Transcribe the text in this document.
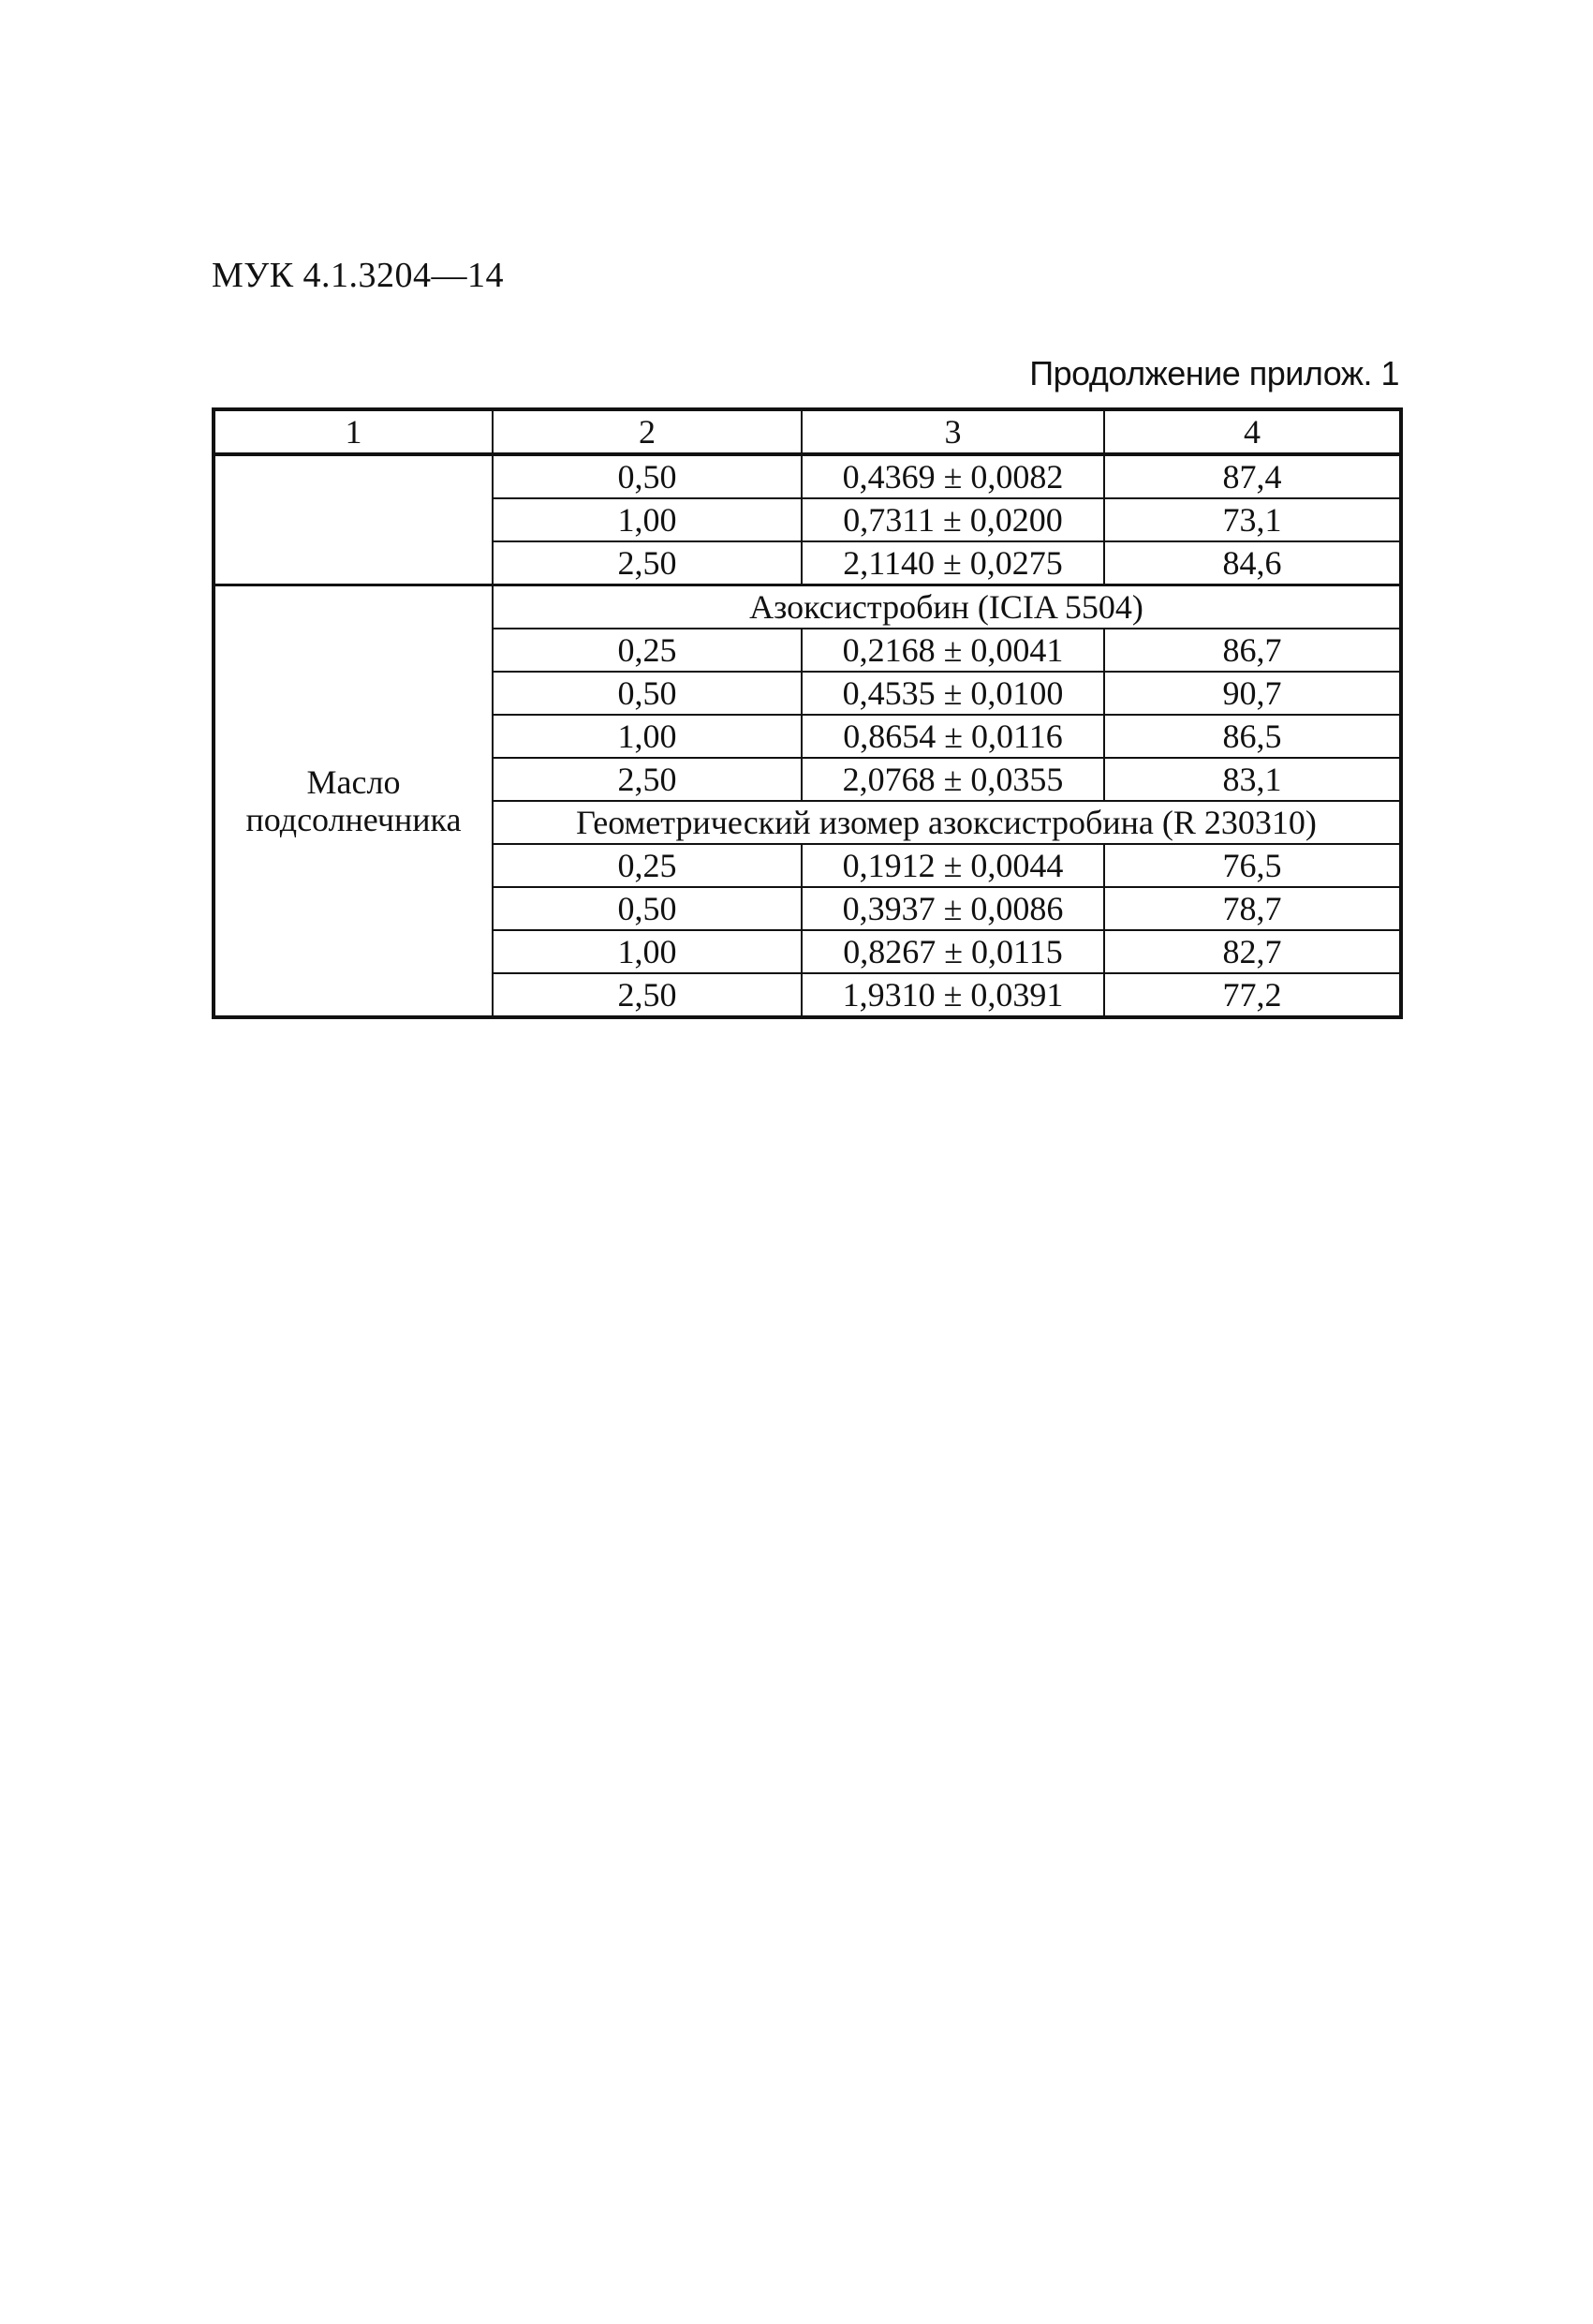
МУК 4.1.3204—14
Продолжение прилож. 1
1	2	3	4
	0,50	0,4369 ± 0,0082	87,4
	1,00	0,7311 ± 0,0200	73,1
	2,50	2,1140 ± 0,0275	84,6
Масло
подсолнечника	Азоксистробин (ICIA 5504)		
	0,25	0,2168 ± 0,0041	86,7
	0,50	0,4535 ± 0,0100	90,7
	1,00	0,8654 ± 0,0116	86,5
	2,50	2,0768 ± 0,0355	83,1
	Геометрический изомер азоксистробина (R 230310)		
	0,25	0,1912 ± 0,0044	76,5
	0,50	0,3937 ± 0,0086	78,7
	1,00	0,8267 ± 0,0115	82,7
	2,50	1,9310 ± 0,0391	77,2
